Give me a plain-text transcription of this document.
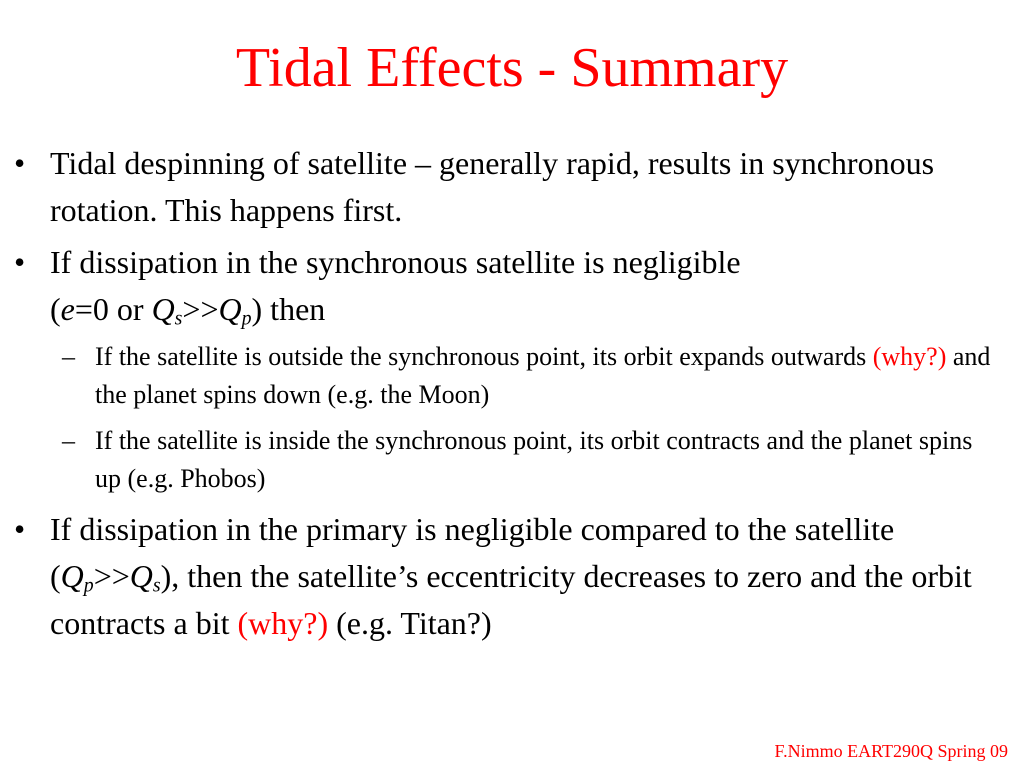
Tidal Effects - Summary
• Tidal despinning of satellite – generally rapid, results in synchronous rotation. This happens first.
• If dissipation in the synchronous satellite is negligible
(e=0 or $Q_s>>Q_p$) then
– If the satellite is outside the synchronous point, its orbit expands outwards (why?) and the planet spins down (e.g. the Moon)
– If the satellite is inside the synchronous point, its orbit contracts and the planet spins up (e.g. Phobos)
• If dissipation in the primary is negligible compared to the satellite $(Q_p>>Q_s)$, then the satellite’s eccentricity decreases to zero and the orbit contracts a bit (why?) (e.g. Titan?)
F.Nimmo EART290Q Spring 09
